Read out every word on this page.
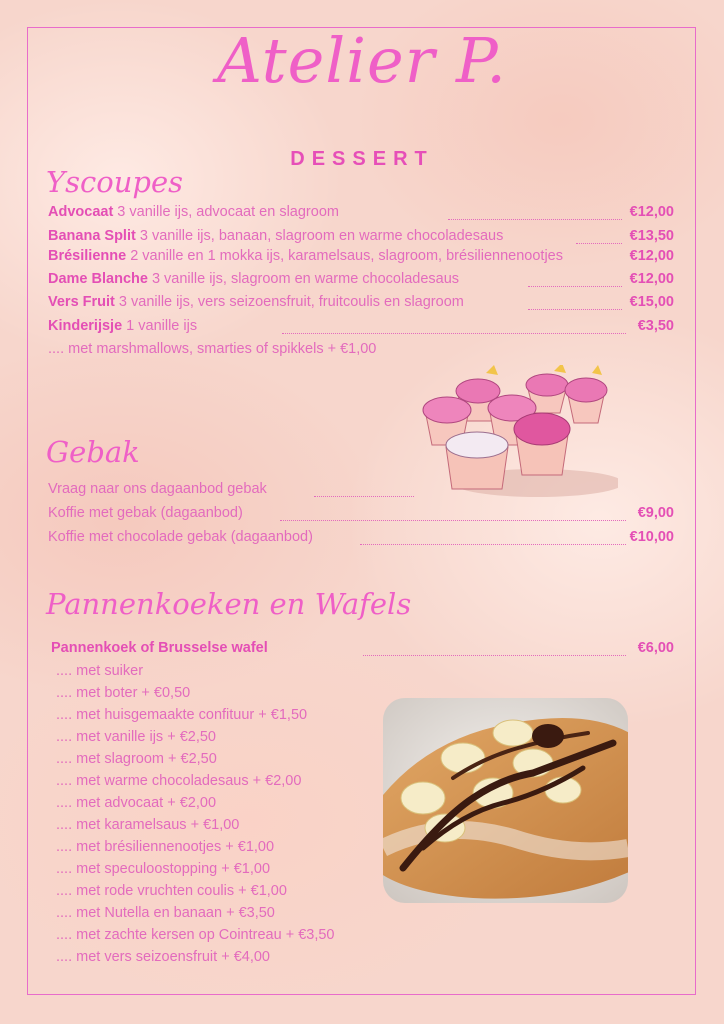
Atelier P.
DESSERT
Yscoupes
Advocaat 3 vanille ijs, advocaat en slagroom	€12,00
Banana Split 3 vanille ijs, banaan, slagroom en warme chocoladesaus	€13,50
Brésilienne 2 vanille en 1 mokka ijs, karamelsaus, slagroom, brésiliennenootjes	€12,00
Dame Blanche 3 vanille ijs, slagroom en warme chocoladesaus	€12,00
Vers Fruit 3 vanille ijs, vers seizoensfruit, fruitcoulis en slagroom	€15,00
Kinderijsje 1 vanille ijs	€3,50
.... met marshmallows, smarties of spikkels + €1,00
Gebak
Vraag naar ons dagaanbod gebak
Koffie met gebak (dagaanbod)	€9,00
Koffie met chocolade gebak (dagaanbod)	€10,00
Pannenkoeken en Wafels
Pannenkoek of Brusselse wafel	€6,00
.... met suiker
.... met boter + €0,50
.... met huisgemaakte confituur + €1,50
.... met vanille ijs + €2,50
.... met slagroom + €2,50
.... met warme chocoladesaus + €2,00
.... met advocaat + €2,00
.... met karamelsaus + €1,00
.... met brésiliennenootjes + €1,00
.... met speculoostopping + €1,00
.... met rode vruchten coulis + €1,00
.... met Nutella en banaan + €3,50
.... met zachte kersen op Cointreau + €3,50
.... met vers seizoensfruit + €4,00
